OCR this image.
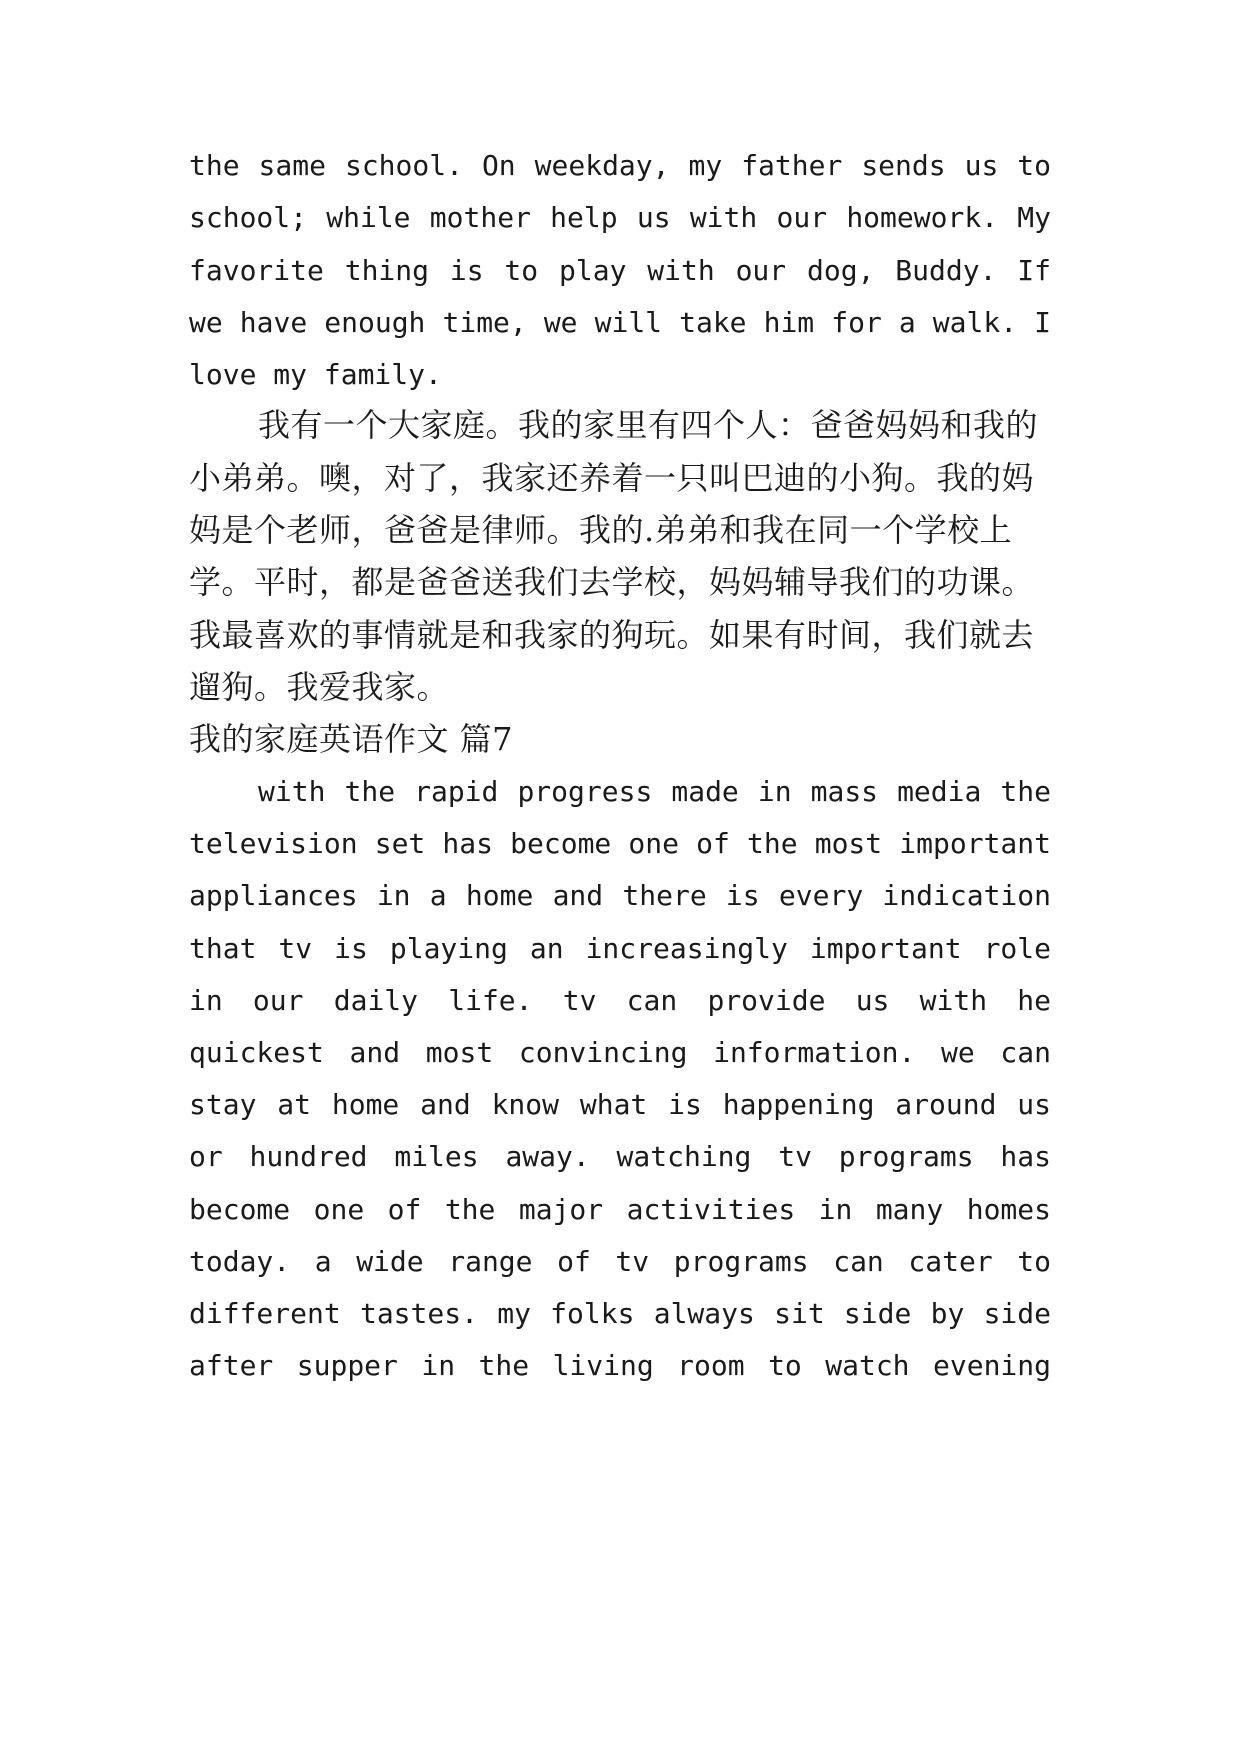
the same school. On weekday, my father sends us to
school; while mother help us with our homework. My
favorite thing is to play with our dog, Buddy. If
we have enough time, we will take him for a walk. I
love my family.
我有一个大家庭。我的家里有四个人：爸爸妈妈和我的
小弟弟。噢，对了，我家还养着一只叫巴迪的小狗。我的妈
妈是个老师，爸爸是律师。我的.弟弟和我在同一个学校上
学。平时，都是爸爸送我们去学校，妈妈辅导我们的功课。
我最喜欢的事情就是和我家的狗玩。如果有时间，我们就去
遛狗。我爱我家。
我的家庭英语作文 篇7
with the rapid progress made in mass media the
television set has become one of the most important
appliances in a home and there is every indication
that tv is playing an increasingly important role
in our daily life. tv can provide us with he
quickest and most convincing information. we can
stay at home and know what is happening around us
or hundred miles away. watching tv programs has
become one of the major activities in many homes
today. a wide range of tv programs can cater to
different tastes. my folks always sit side by side
after supper in the living room to watch evening
